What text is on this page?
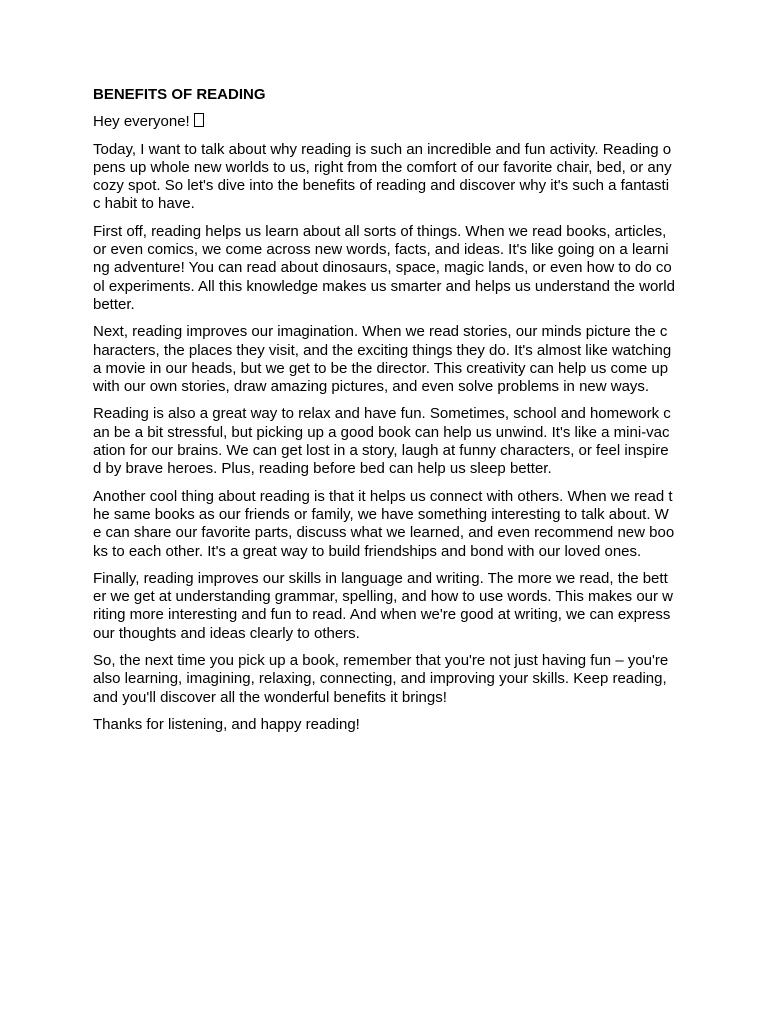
BENEFITS OF READING
Hey everyone!

Today, I want to talk about why reading is such an incredible and fun activity. Reading opens up whole new worlds to us, right from the comfort of our favorite chair, bed, or any cozy spot. So let's dive into the benefits of reading and discover why it's such a fantastic habit to have.

First off, reading helps us learn about all sorts of things. When we read books, articles, or even comics, we come across new words, facts, and ideas. It's like going on a learning adventure! You can read about dinosaurs, space, magic lands, or even how to do cool experiments. All this knowledge makes us smarter and helps us understand the world better.

Next, reading improves our imagination. When we read stories, our minds picture the characters, the places they visit, and the exciting things they do. It's almost like watching a movie in our heads, but we get to be the director. This creativity can help us come up with our own stories, draw amazing pictures, and even solve problems in new ways.

Reading is also a great way to relax and have fun. Sometimes, school and homework can be a bit stressful, but picking up a good book can help us unwind. It's like a mini-vacation for our brains. We can get lost in a story, laugh at funny characters, or feel inspired by brave heroes. Plus, reading before bed can help us sleep better.

Another cool thing about reading is that it helps us connect with others. When we read the same books as our friends or family, we have something interesting to talk about. We can share our favorite parts, discuss what we learned, and even recommend new books to each other. It's a great way to build friendships and bond with our loved ones.

Finally, reading improves our skills in language and writing. The more we read, the better we get at understanding grammar, spelling, and how to use words. This makes our writing more interesting and fun to read. And when we're good at writing, we can express our thoughts and ideas clearly to others.

So, the next time you pick up a book, remember that you're not just having fun – you're also learning, imagining, relaxing, connecting, and improving your skills. Keep reading, and you'll discover all the wonderful benefits it brings!

Thanks for listening, and happy reading!
